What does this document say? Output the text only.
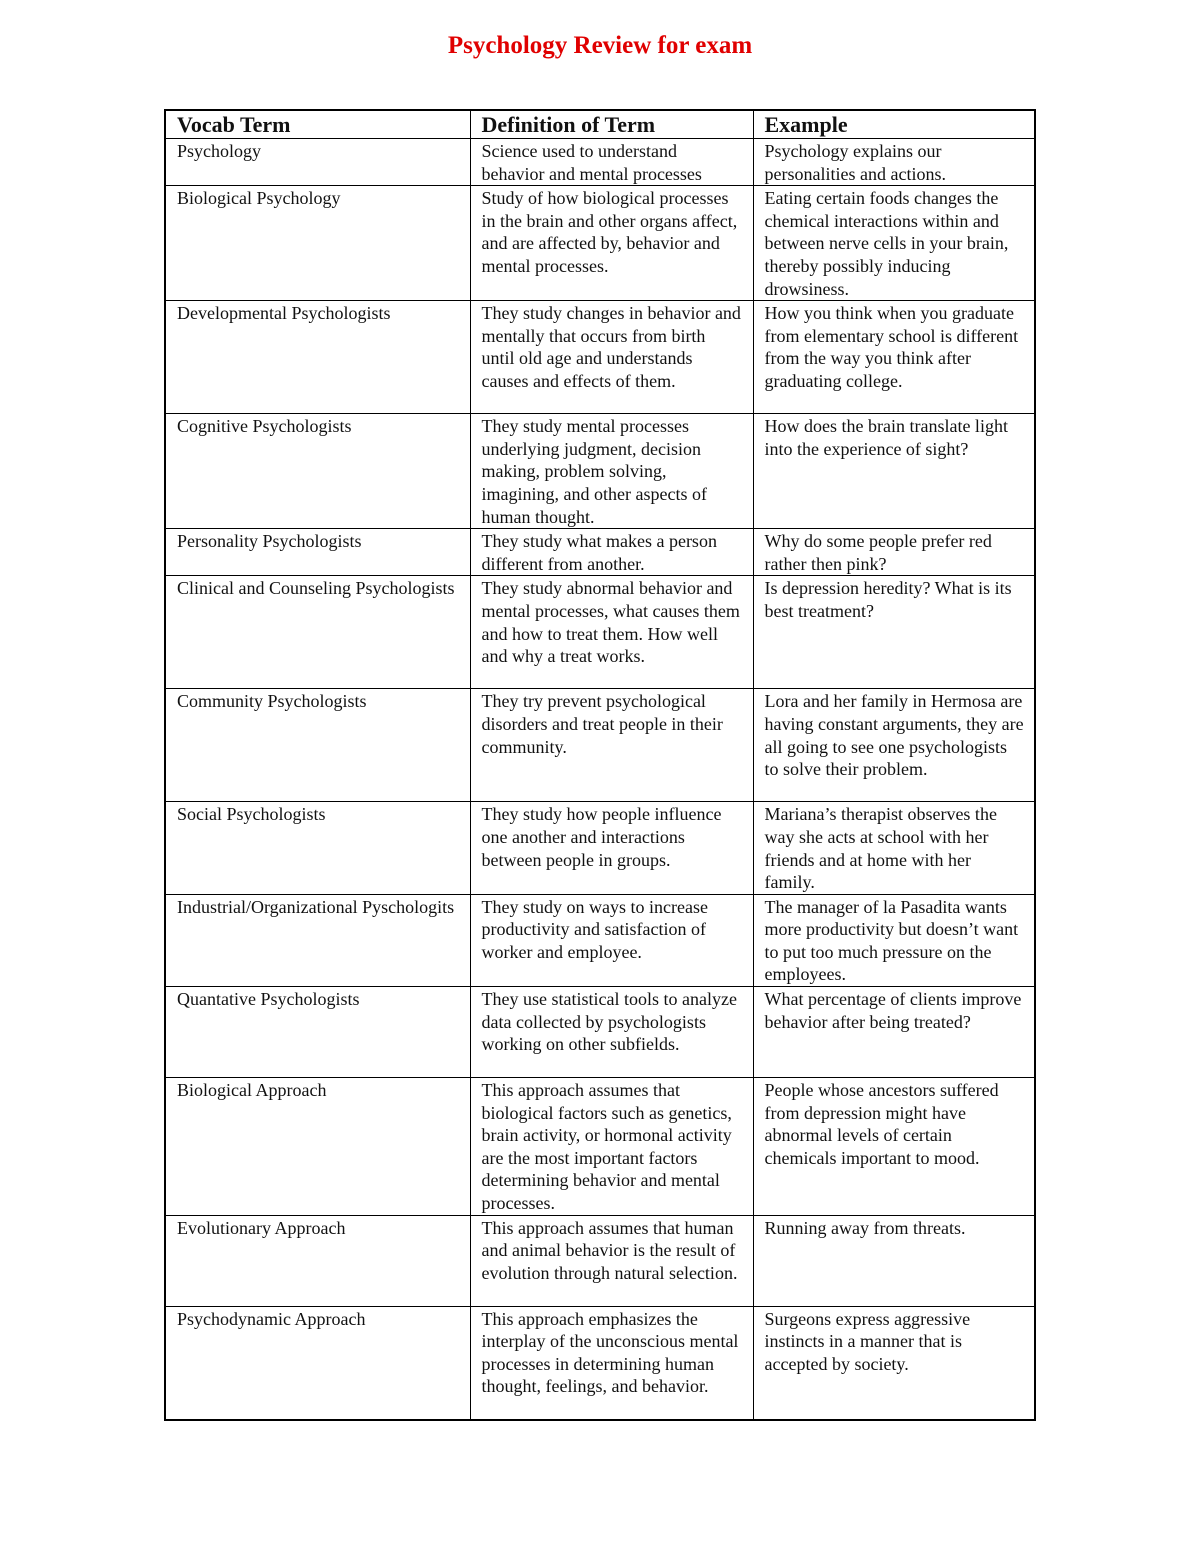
Psychology Review for exam
Vocab Term	Definition of Term	Example
Psychology	Science used to understand behavior and mental processes	Psychology explains our personalities and actions.
Biological Psychology	Study of how biological processes in the brain and other organs affect, and are affected by, behavior and mental processes.	Eating certain foods changes the chemical interactions within and between nerve cells in your brain, thereby possibly inducing drowsiness.
Developmental Psychologists	They study changes in behavior and mentally that occurs from birth until old age and understands causes and effects of them.	How you think when you graduate from elementary school is different from the way you think after graduating college.
Cognitive Psychologists	They study mental processes underlying judgment, decision making, problem solving, imagining, and other aspects of human thought.	How does the brain translate light into the experience of sight?
Personality Psychologists	They study what makes a person different from another.	Why do some people prefer red rather then pink?
Clinical and Counseling Psychologists	They study abnormal behavior and mental processes, what causes them and how to treat them. How well and why a treat works.	Is depression heredity? What is its best treatment?
Community Psychologists	They try prevent psychological disorders and treat people in their community.	Lora and her family in Hermosa are having constant arguments, they are all going to see one psychologists to solve their problem.
Social Psychologists	They study how people influence one another and interactions between people in groups.	Mariana’s therapist observes the way she acts at school with her friends and at home with her family.
Industrial/Organizational Pyschologits	They study on ways to increase productivity and satisfaction of worker and employee.	The manager of la Pasadita wants more productivity but doesn’t want to put too much pressure on the employees.
Quantative Psychologists	They use statistical tools to analyze data collected by psychologists working on other subfields.	What percentage of clients improve behavior after being treated?
Biological Approach	This approach assumes that biological factors such as genetics, brain activity, or hormonal activity are the most important factors determining behavior and mental processes.	People whose ancestors suffered from depression might have abnormal levels of certain chemicals important to mood.
Evolutionary Approach	This approach assumes that human and animal behavior is the result of evolution through natural selection.	Running away from threats.
Psychodynamic Approach	This approach emphasizes the interplay of the unconscious mental processes in determining human thought, feelings, and behavior.	Surgeons express aggressive instincts in a manner that is accepted by society.
